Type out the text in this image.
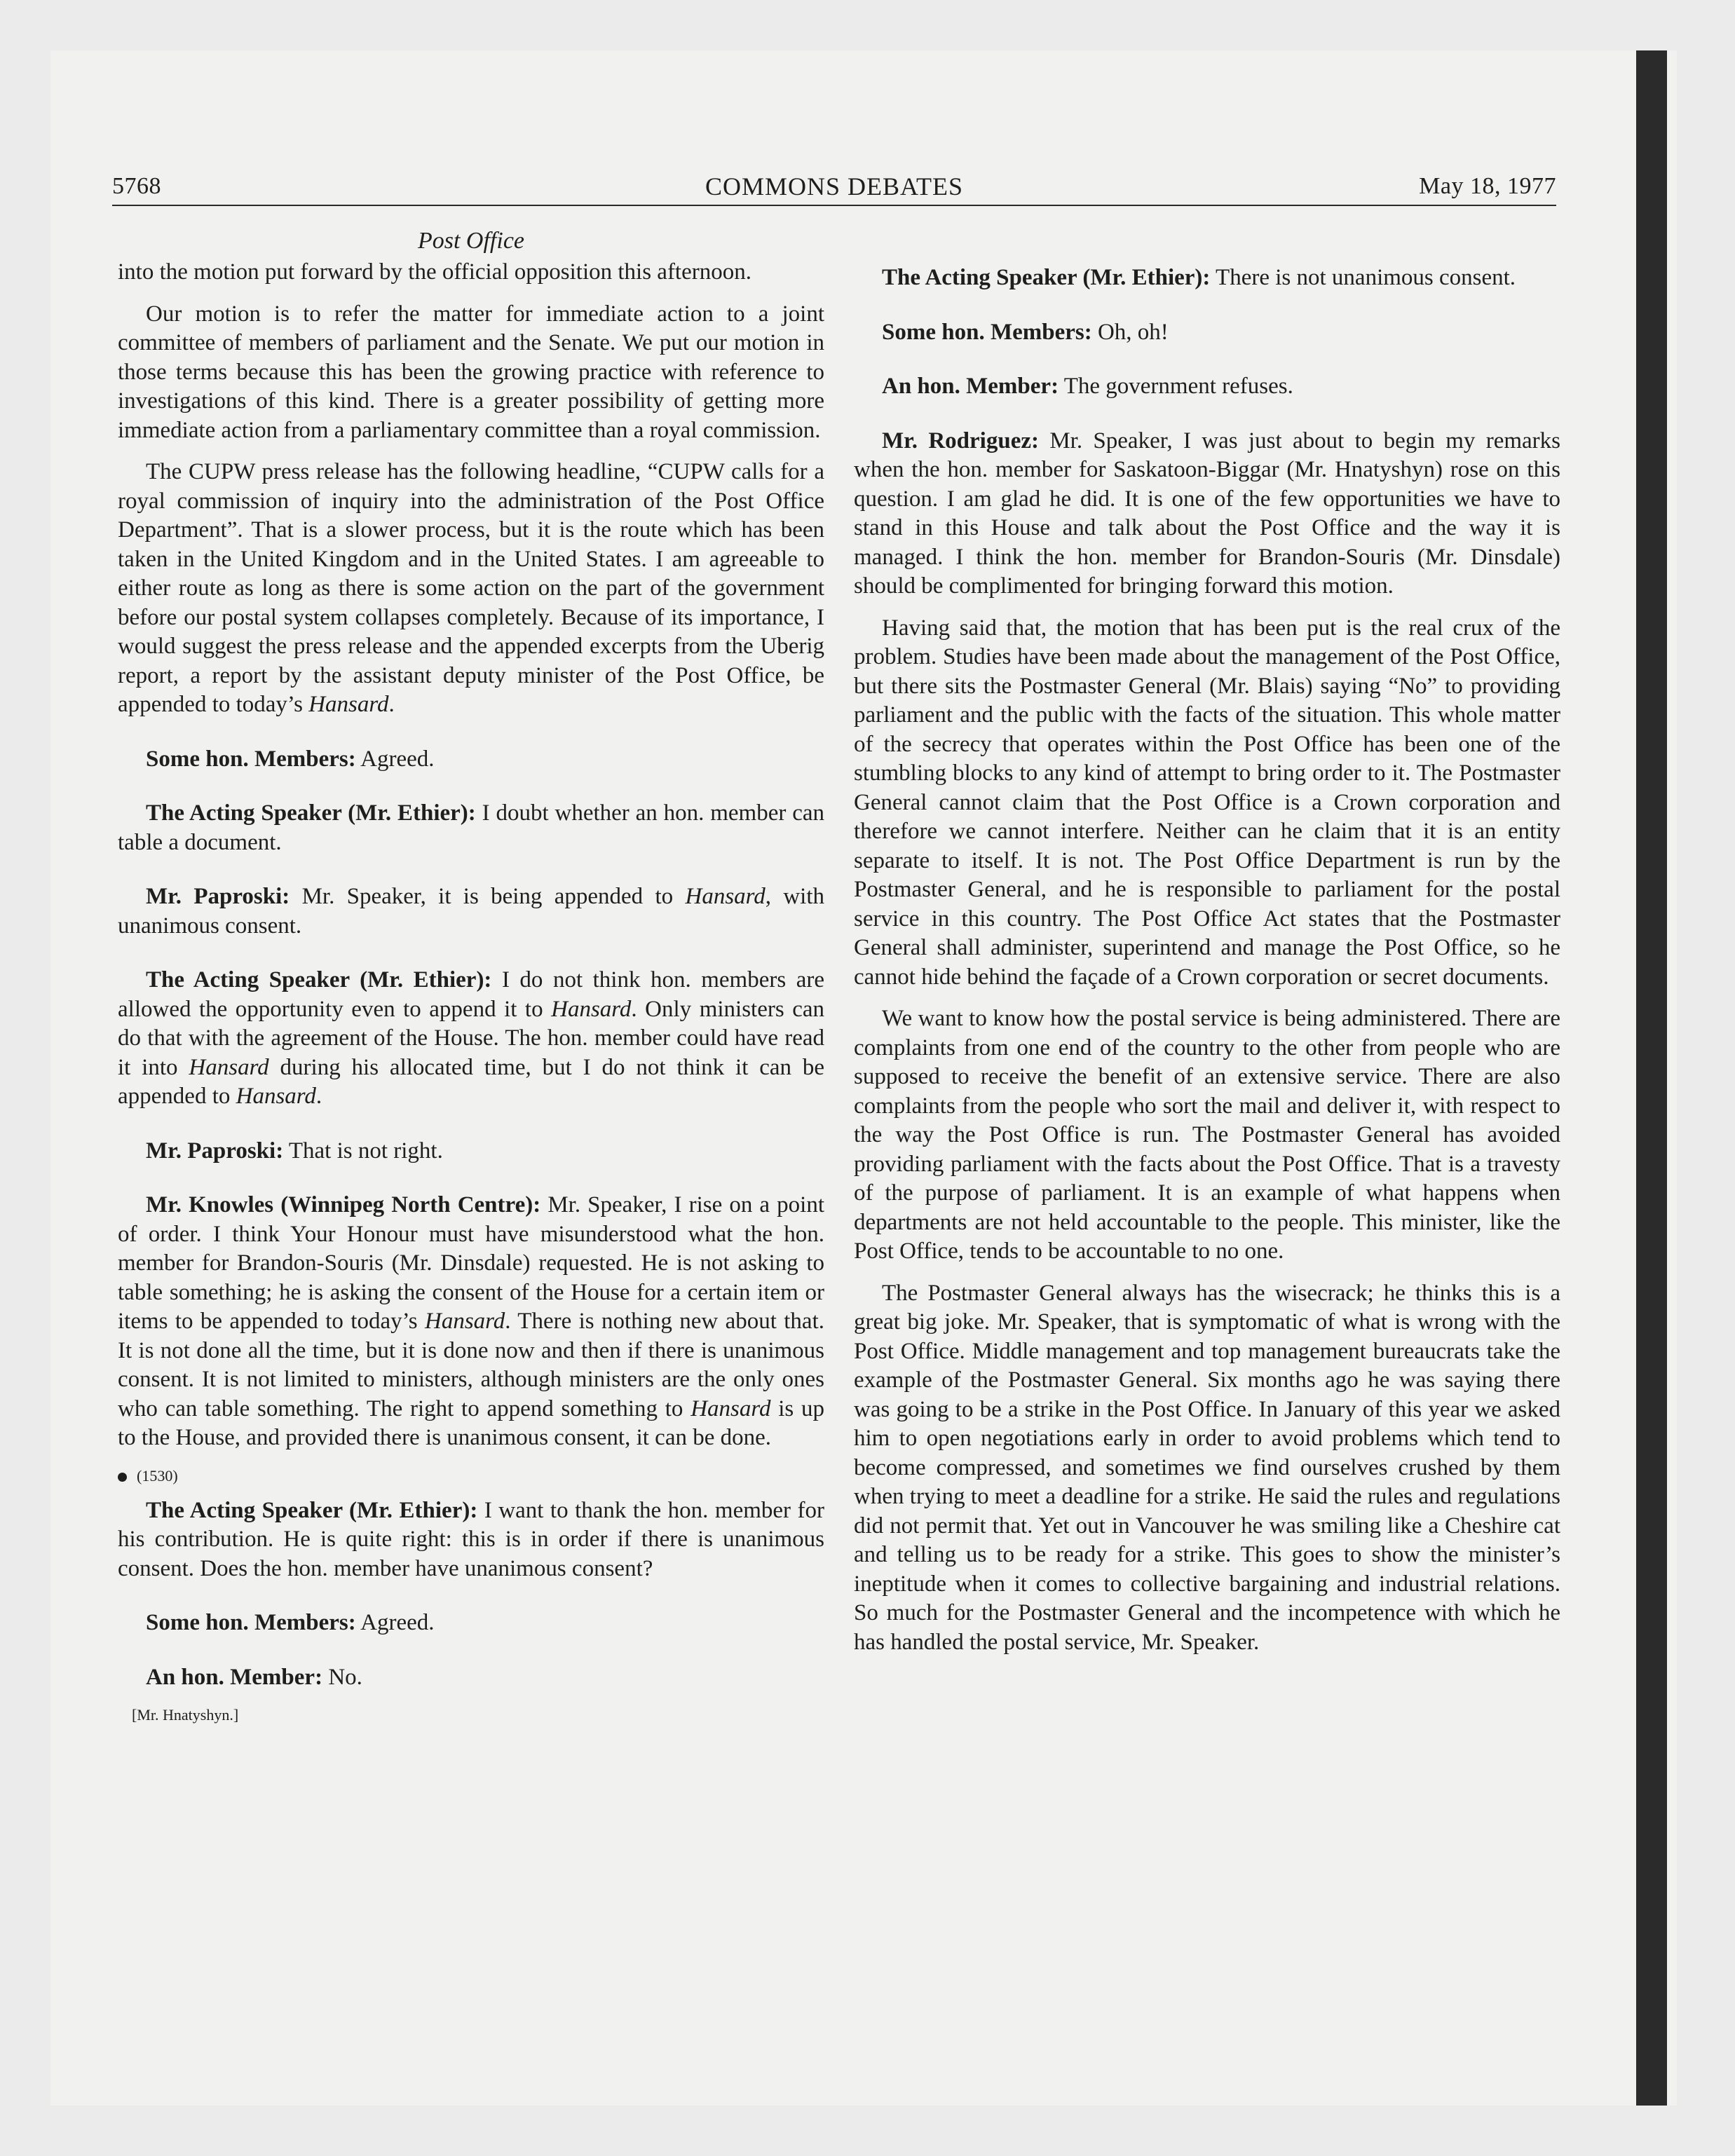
5768	COMMONS DEBATES	May 18, 1977
Post Office

into the motion put forward by the official opposition this afternoon.

Our motion is to refer the matter for immediate action to a joint committee of members of parliament and the Senate. We put our motion in those terms because this has been the growing practice with reference to investigations of this kind. There is a greater possibility of getting more immediate action from a parliamentary committee than a royal commission.

The CUPW press release has the following headline, “CUPW calls for a royal commission of inquiry into the administration of the Post Office Department”. That is a slower process, but it is the route which has been taken in the United Kingdom and in the United States. I am agreeable to either route as long as there is some action on the part of the government before our postal system collapses completely. Because of its importance, I would suggest the press release and the appended excerpts from the Uberig report, a report by the assistant deputy minister of the Post Office, be appended to today’s Hansard.

Some hon. Members: Agreed.

The Acting Speaker (Mr. Ethier): I doubt whether an hon. member can table a document.

Mr. Paproski: Mr. Speaker, it is being appended to Hansard, with unanimous consent.

The Acting Speaker (Mr. Ethier): I do not think hon. members are allowed the opportunity even to append it to Hansard. Only ministers can do that with the agreement of the House. The hon. member could have read it into Hansard during his allocated time, but I do not think it can be appended to Hansard.

Mr. Paproski: That is not right.

Mr. Knowles (Winnipeg North Centre): Mr. Speaker, I rise on a point of order. I think Your Honour must have misunderstood what the hon. member for Brandon-Souris (Mr. Dinsdale) requested. He is not asking to table something; he is asking the consent of the House for a certain item or items to be appended to today’s Hansard. There is nothing new about that. It is not done all the time, but it is done now and then if there is unanimous consent. It is not limited to ministers, although ministers are the only ones who can table something. The right to append something to Hansard is up to the House, and provided there is unanimous consent, it can be done.

(1530)

The Acting Speaker (Mr. Ethier): I want to thank the hon. member for his contribution. He is quite right: this is in order if there is unanimous consent. Does the hon. member have unanimous consent?

Some hon. Members: Agreed.

An hon. Member: No.

[Mr. Hnatyshyn.]

The Acting Speaker (Mr. Ethier): There is not unanimous consent.

Some hon. Members: Oh, oh!

An hon. Member: The government refuses.

Mr. Rodriguez: Mr. Speaker, I was just about to begin my remarks when the hon. member for Saskatoon-Biggar (Mr. Hnatyshyn) rose on this question. I am glad he did. It is one of the few opportunities we have to stand in this House and talk about the Post Office and the way it is managed. I think the hon. member for Brandon-Souris (Mr. Dinsdale) should be complimented for bringing forward this motion.

Having said that, the motion that has been put is the real crux of the problem. Studies have been made about the management of the Post Office, but there sits the Postmaster General (Mr. Blais) saying “No” to providing parliament and the public with the facts of the situation. This whole matter of the secrecy that operates within the Post Office has been one of the stumbling blocks to any kind of attempt to bring order to it. The Postmaster General cannot claim that the Post Office is a Crown corporation and therefore we cannot interfere. Neither can he claim that it is an entity separate to itself. It is not. The Post Office Department is run by the Postmaster General, and he is responsible to parliament for the postal service in this country. The Post Office Act states that the Postmaster General shall administer, superintend and manage the Post Office, so he cannot hide behind the façade of a Crown corporation or secret documents.

We want to know how the postal service is being administered. There are complaints from one end of the country to the other from people who are supposed to receive the benefit of an extensive service. There are also complaints from the people who sort the mail and deliver it, with respect to the way the Post Office is run. The Postmaster General has avoided providing parliament with the facts about the Post Office. That is a travesty of the purpose of parliament. It is an example of what happens when departments are not held accountable to the people. This minister, like the Post Office, tends to be accountable to no one.

The Postmaster General always has the wisecrack; he thinks this is a great big joke. Mr. Speaker, that is symptomatic of what is wrong with the Post Office. Middle management and top management bureaucrats take the example of the Postmaster General. Six months ago he was saying there was going to be a strike in the Post Office. In January of this year we asked him to open negotiations early in order to avoid problems which tend to become compressed, and sometimes we find ourselves crushed by them when trying to meet a deadline for a strike. He said the rules and regulations did not permit that. Yet out in Vancouver he was smiling like a Cheshire cat and telling us to be ready for a strike. This goes to show the minister’s ineptitude when it comes to collective bargaining and industrial relations. So much for the Postmaster General and the incompetence with which he has handled the postal service, Mr. Speaker.
